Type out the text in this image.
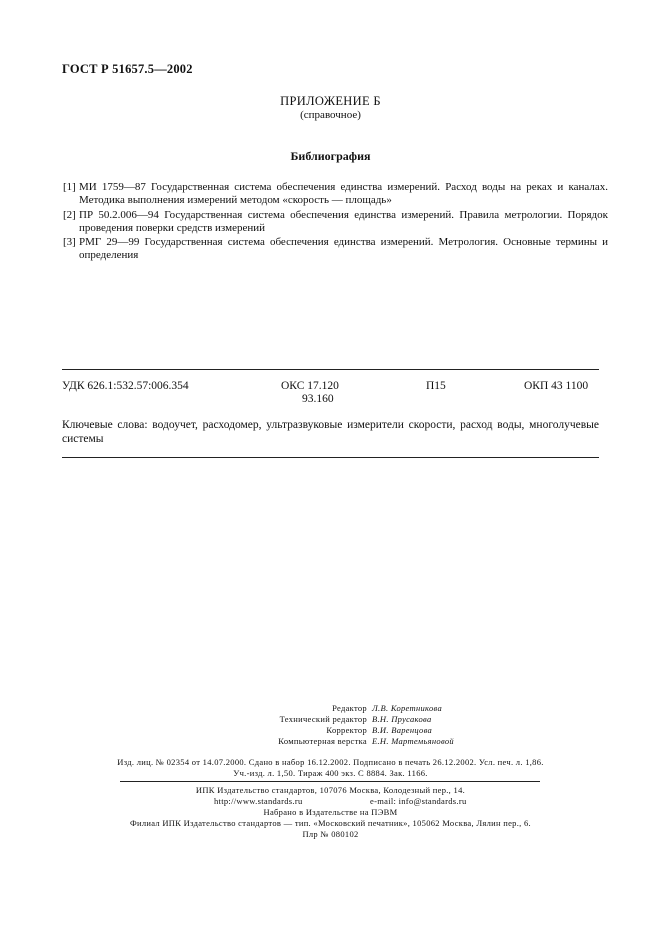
ГОСТ Р 51657.5—2002
ПРИЛОЖЕНИЕ Б
(справочное)
Библиография
[1] МИ 1759—87 Государственная система обеспечения единства измерений. Расход воды на реках и каналах. Методика выполнения измерений методом «скорость — площадь»
[2] ПР 50.2.006—94 Государственная система обеспечения единства измерений. Правила метрологии. Порядок проведения поверки средств измерений
[3] РМГ 29—99 Государственная система обеспечения единства измерений. Метрология. Основные термины и определения
УДК 626.1:532.57:006.354	ОКС 17.120
93.160
П15	ОКП 43 1100
Ключевые слова: водоучет, расходомер, ультразвуковые измерители скорости, расход воды, многолучевые системы
Редактор Л.В. Коретникова
Технический редактор В.Н. Прусакова
Корректор В.И. Варенцова
Компьютерная верстка Е.Н. Мартемьяновой
Изд. лиц. № 02354 от 14.07.2000. Сдано в набор 16.12.2002. Подписано в печать 26.12.2002. Усл. печ. л. 1,86.
Уч.-изд. л. 1,50. Тираж 400 экз. С 8884. Зак. 1166.
ИПК Издательство стандартов, 107076 Москва, Колодезный пер., 14.
http://www.standards.ru	e-mail: info@standards.ru
Набрано в Издательстве на ПЭВМ
Филиал ИПК Издательство стандартов — тип. «Московский печатник», 105062 Москва, Лялин пер., 6.
Плр № 080102
